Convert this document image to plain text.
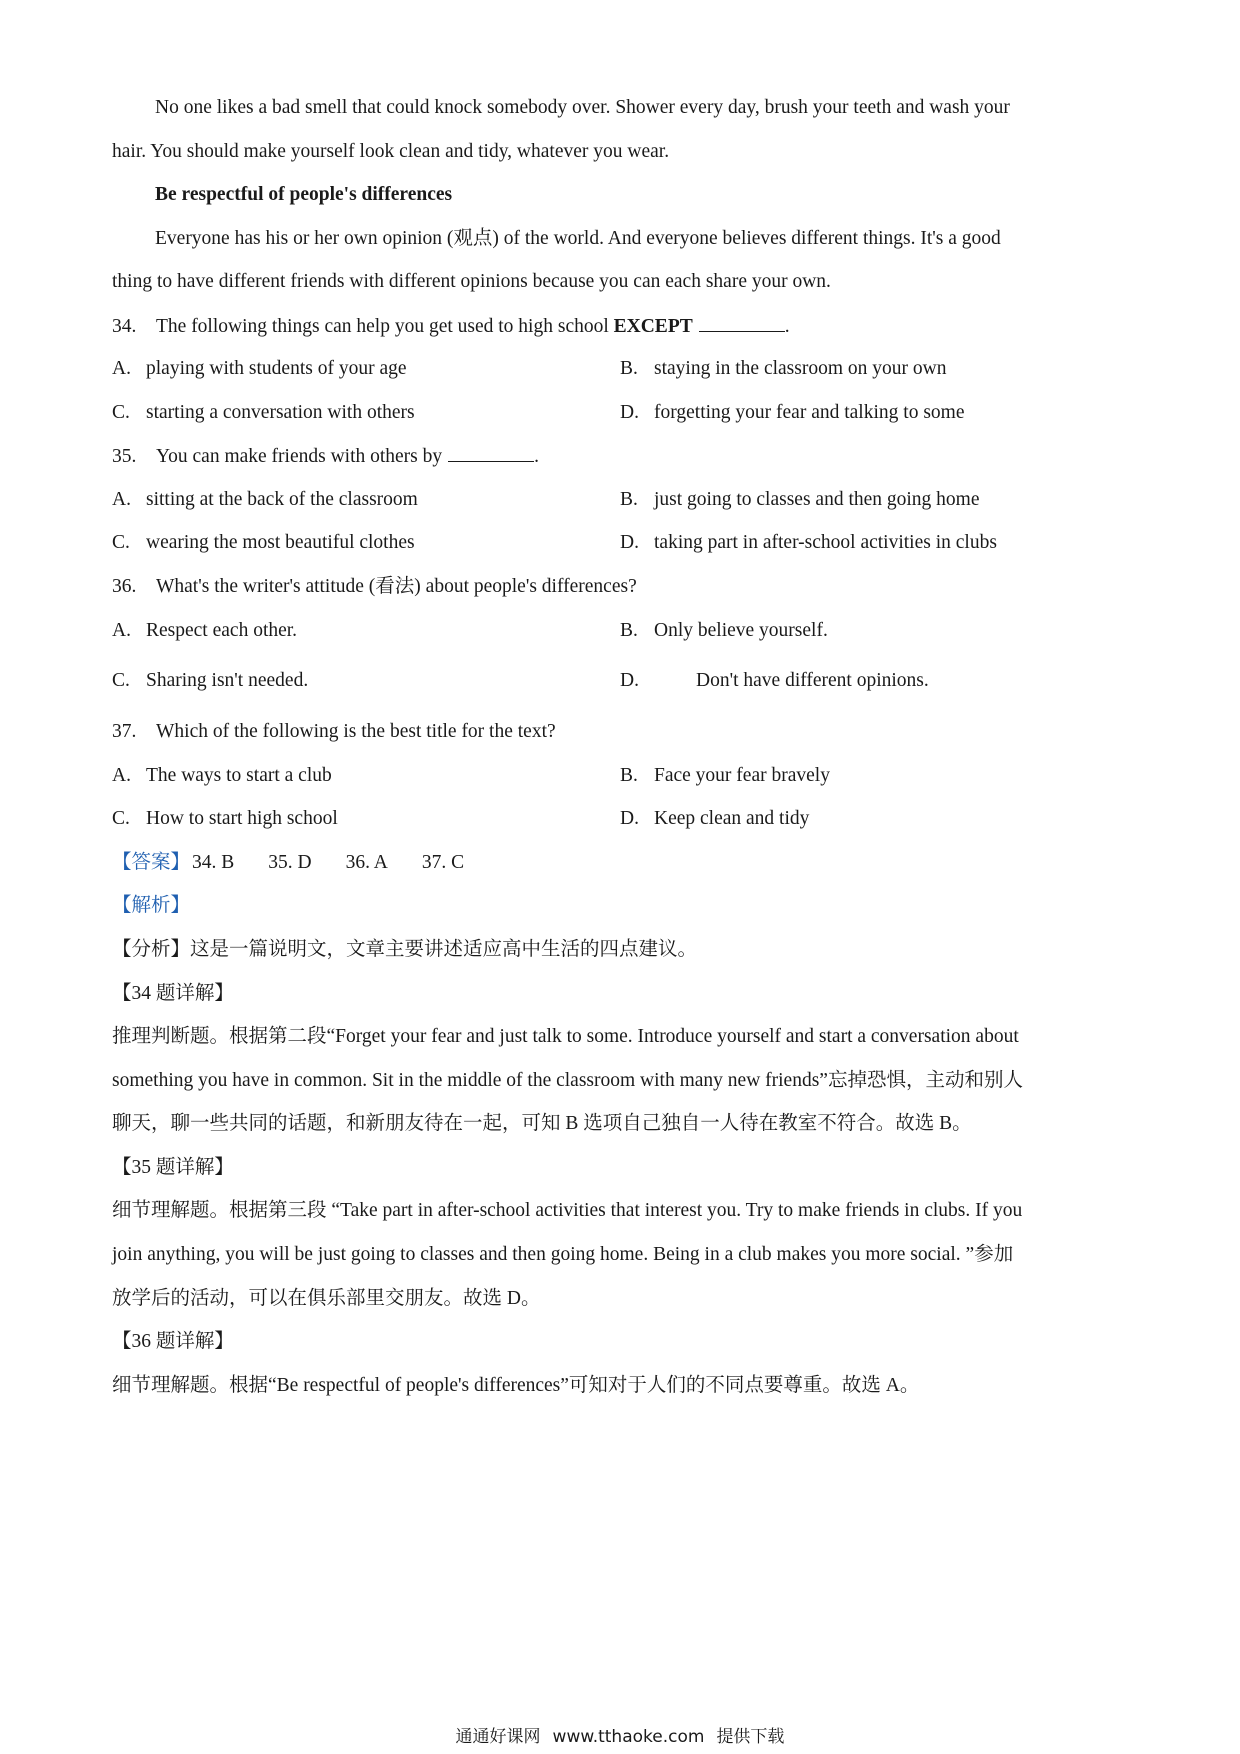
No one likes a bad smell that could knock somebody over. Shower every day, brush your teeth and wash your
hair. You should make yourself look clean and tidy, whatever you wear.
Be respectful of people's differences
Everyone has his or her own opinion (观点) of the world. And everyone believes different things. It's a good
thing to have different friends with different opinions because you can each share your own.
34. The following things can help you get used to high school EXCEPT	.
A. playing with students of your age	B. staying in the classroom on your own
C. starting a conversation with others	D. forgetting your fear and talking to some
35. You can make friends with others by	.
A. sitting at the back of the classroom	B. just going to classes and then going home
C. wearing the most beautiful clothes	D. taking part in after-school activities in clubs
36. What's the writer's attitude (看法) about people's differences?
A. Respect each other.	B. Only believe yourself.
C. Sharing isn't needed.	D.	Don't have different opinions.
37. Which of the following is the best title for the text?
A. The ways to start a club	B. Face your fear bravely
C. How to start high school	D. Keep clean and tidy
【答案】 34. B 35. D 36. A 37. C
【解析】
【分析】这是一篇说明文，文章主要讲述适应高中生活的四点建议。
【34 题详解】
推理判断题。根据第二段“Forget your fear and just talk to some. Introduce yourself and start a conversation about
something you have in common. Sit in the middle of the classroom with many new friends”忘掉恐惧，主动和别人
聊天，聊一些共同的话题，和新朋友待在一起，可知 B 选项自己独自一人待在教室不符合。故选 B。
【35 题详解】
细节理解题。根据第三段 “Take part in after-school activities that interest you. Try to make friends in clubs. If you
join anything, you will be just going to classes and then going home. Being in a club makes you more social. ”参加
放学后的活动，可以在俱乐部里交朋友。故选 D。
【36 题详解】
细节理解题。根据“Be respectful of people's differences”可知对于人们的不同点要尊重。故选 A。
通通好课网 www.tthaoke.com 提供下载
